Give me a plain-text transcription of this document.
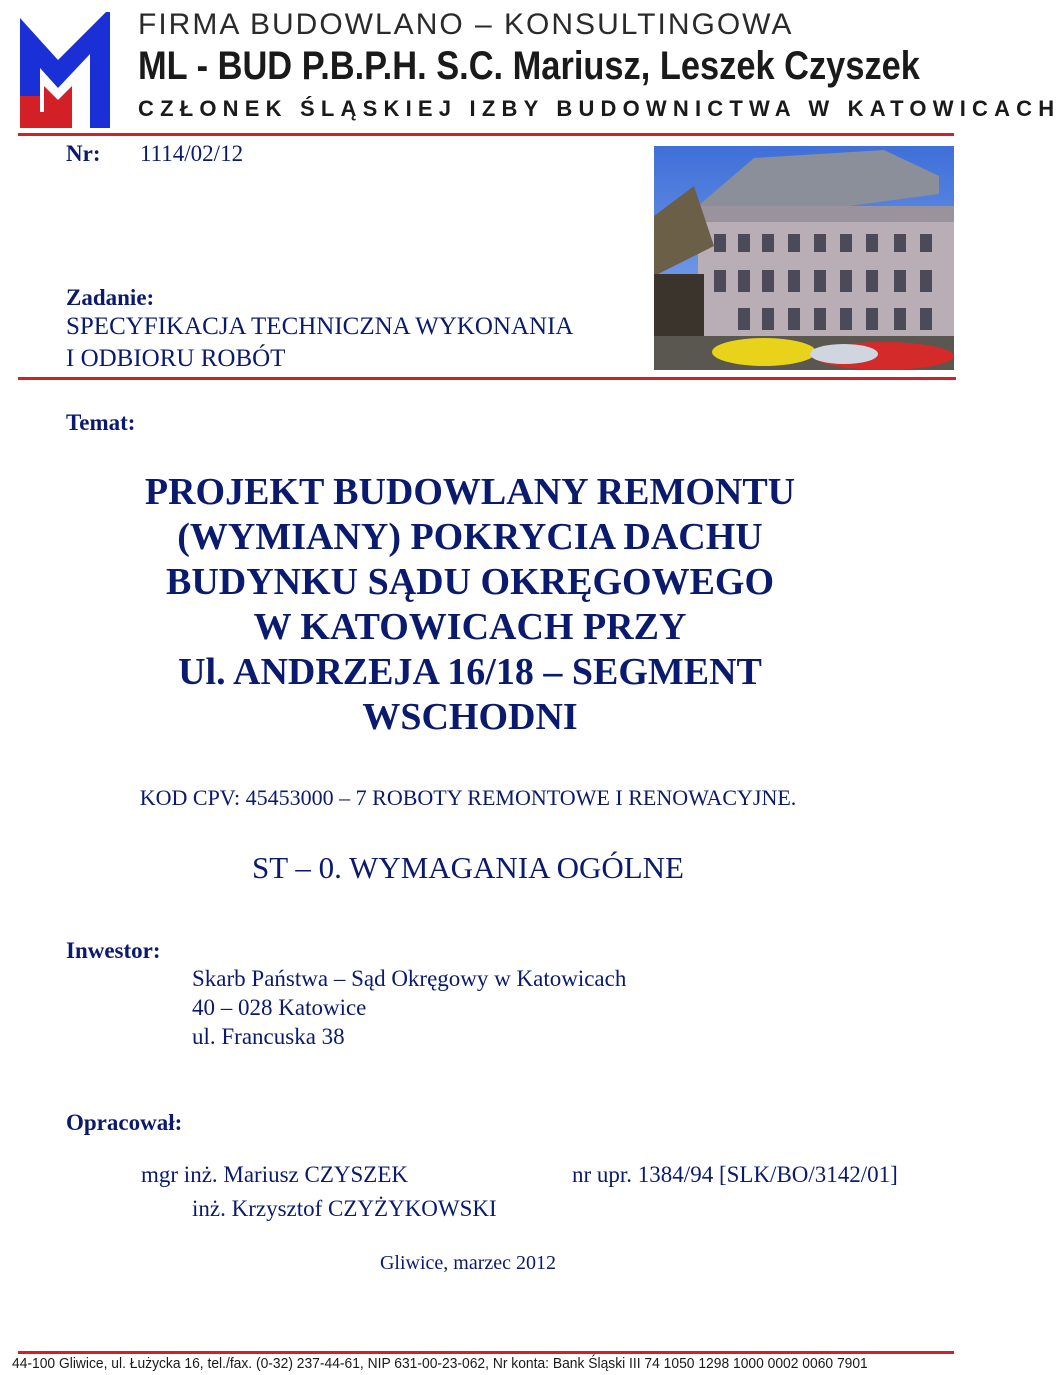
FIRMA BUDOWLANO – KONSULTINGOWA
ML - BUD P.B.P.H. S.C. Mariusz, Leszek Czyszek
CZŁONEK ŚLĄSKIEJ IZBY BUDOWNICTWA W KATOWICACH
Nr: 1114/02/12
Zadanie:
SPECYFIKACJA TECHNICZNA WYKONANIA
I ODBIORU ROBÓT
Temat:
PROJEKT BUDOWLANY REMONTU
(WYMIANY) POKRYCIA DACHU
BUDYNKU SĄDU OKRĘGOWEGO
W KATOWICACH PRZY
Ul. ANDRZEJA 16/18 – SEGMENT
WSCHODNI
KOD CPV: 45453000 – 7 ROBOTY REMONTOWE I RENOWACYJNE.
ST – 0. WYMAGANIA OGÓLNE
Inwestor:
Skarb Państwa – Sąd Okręgowy w Katowicach
40 – 028 Katowice
ul. Francuska 38
Opracował:
mgr inż. Mariusz CZYSZEK	nr upr. 1384/94 [SLK/BO/3142/01]
inż. Krzysztof CZYŻYKOWSKI
Gliwice, marzec 2012
44-100 Gliwice, ul. Łużycka 16, tel./fax. (0-32) 237-44-61, NIP 631-00-23-062, Nr konta: Bank Śląski III 74 1050 1298 1000 0002 0060 7901
